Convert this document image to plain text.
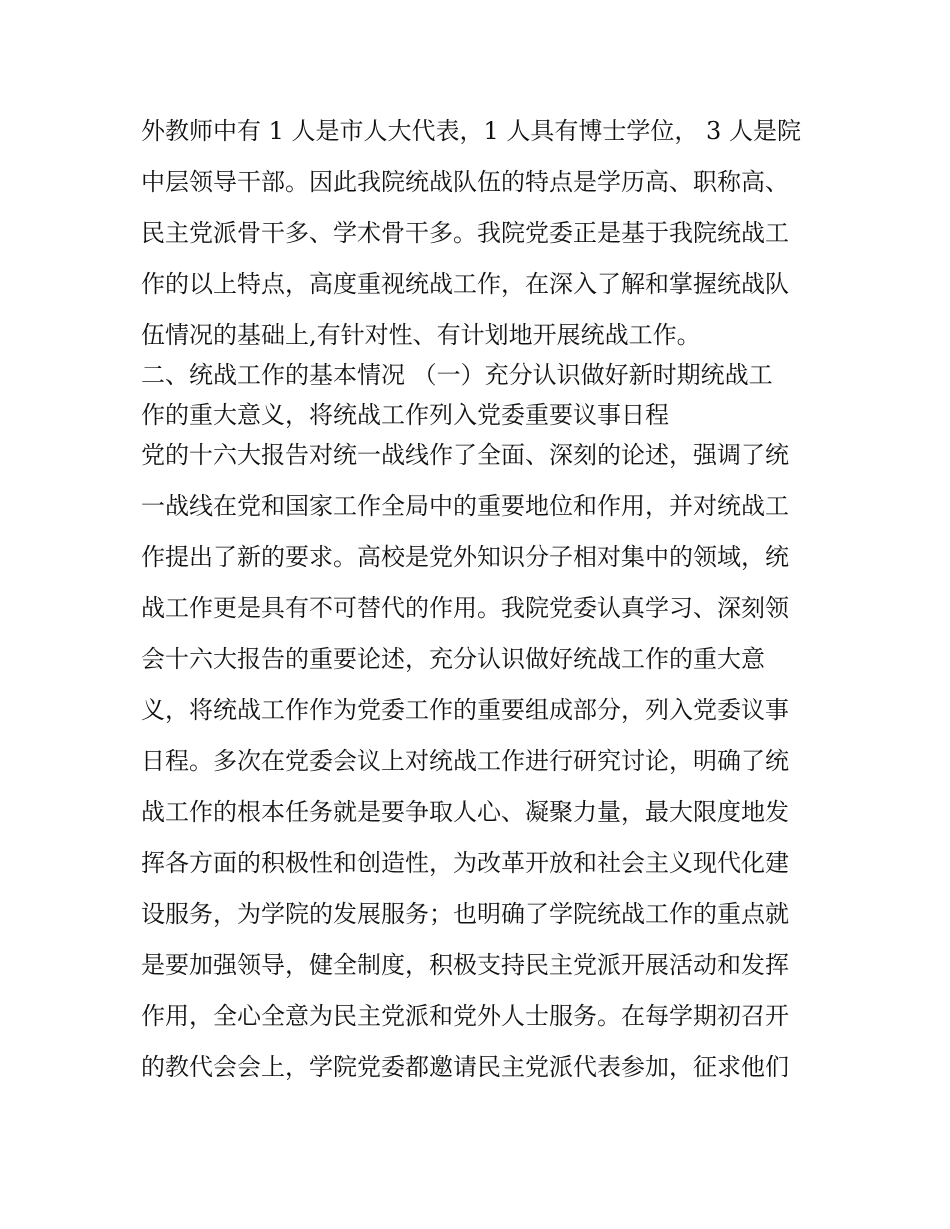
外教师中有 1 人是市人大代表，1 人具有博士学位， 3 人是院
中层领导干部。因此我院统战队伍的特点是学历高、职称高、
民主党派骨干多、学术骨干多。我院党委正是基于我院统战工
作的以上特点，高度重视统战工作，在深入了解和掌握统战队
伍情况的基础上,有针对性、有计划地开展统战工作。
二、统战工作的基本情况 （一）充分认识做好新时期统战工
作的重大意义，将统战工作列入党委重要议事日程
党的十六大报告对统一战线作了全面、深刻的论述，强调了统
一战线在党和国家工作全局中的重要地位和作用，并对统战工
作提出了新的要求。高校是党外知识分子相对集中的领域，统
战工作更是具有不可替代的作用。我院党委认真学习、深刻领
会十六大报告的重要论述，充分认识做好统战工作的重大意
义，将统战工作作为党委工作的重要组成部分，列入党委议事
日程。多次在党委会议上对统战工作进行研究讨论，明确了统
战工作的根本任务就是要争取人心、凝聚力量，最大限度地发
挥各方面的积极性和创造性，为改革开放和社会主义现代化建
设服务，为学院的发展服务；也明确了学院统战工作的重点就
是要加强领导，健全制度，积极支持民主党派开展活动和发挥
作用，全心全意为民主党派和党外人士服务。在每学期初召开
的教代会会上，学院党委都邀请民主党派代表参加，征求他们
